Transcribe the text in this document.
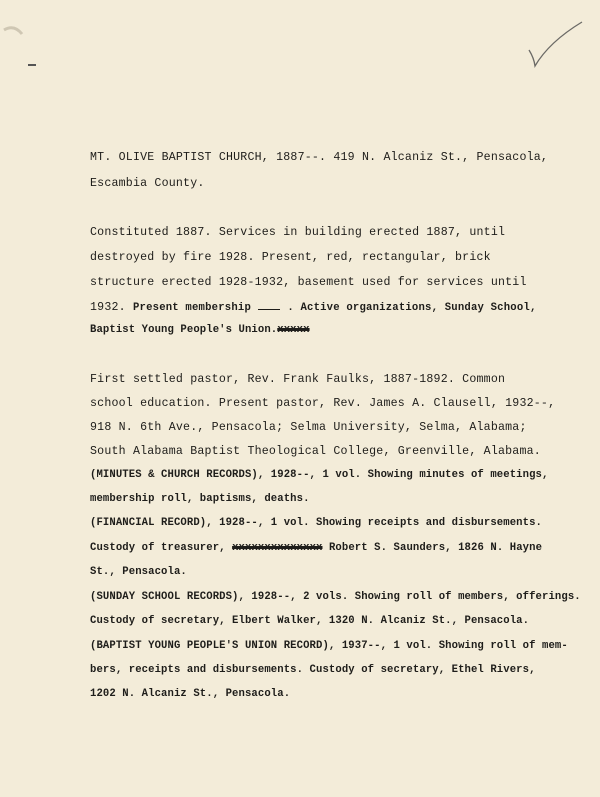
MT. OLIVE BAPTIST CHURCH, 1887--. 419 N. Alcaniz St., Pensacola,
Escambia County.
Constituted 1887. Services in building erected 1887, until
destroyed by fire 1928. Present, red, rectangular, brick
structure erected 1928-1932, basement used for services until
1932. Present membership	. Active organizations, Sunday School,
Baptist Young People's Union.xxxxx
First settled pastor, Rev. Frank Faulks, 1887-1892. Common
school education. Present pastor, Rev. James A. Clausell, 1932--,
918 N. 6th Ave., Pensacola; Selma University, Selma, Alabama;
South Alabama Baptist Theological College, Greenville, Alabama.
(MINUTES & CHURCH RECORDS), 1928--, 1 vol. Showing minutes of meetings,
membership roll, baptisms, deaths.
(FINANCIAL RECORD), 1928--, 1 vol. Showing receipts and disbursements.
Custody of treasurer, xxxxxxxxxxxxxx Robert S. Saunders, 1826 N. Hayne
St., Pensacola.
(SUNDAY SCHOOL RECORDS), 1928--, 2 vols. Showing roll of members, offerings.
Custody of secretary, Elbert Walker, 1320 N. Alcaniz St., Pensacola.
(BAPTIST YOUNG PEOPLE'S UNION RECORD), 1937--, 1 vol. Showing roll of mem-
bers, receipts and disbursements. Custody of secretary, Ethel Rivers,
1202 N. Alcaniz St., Pensacola.
